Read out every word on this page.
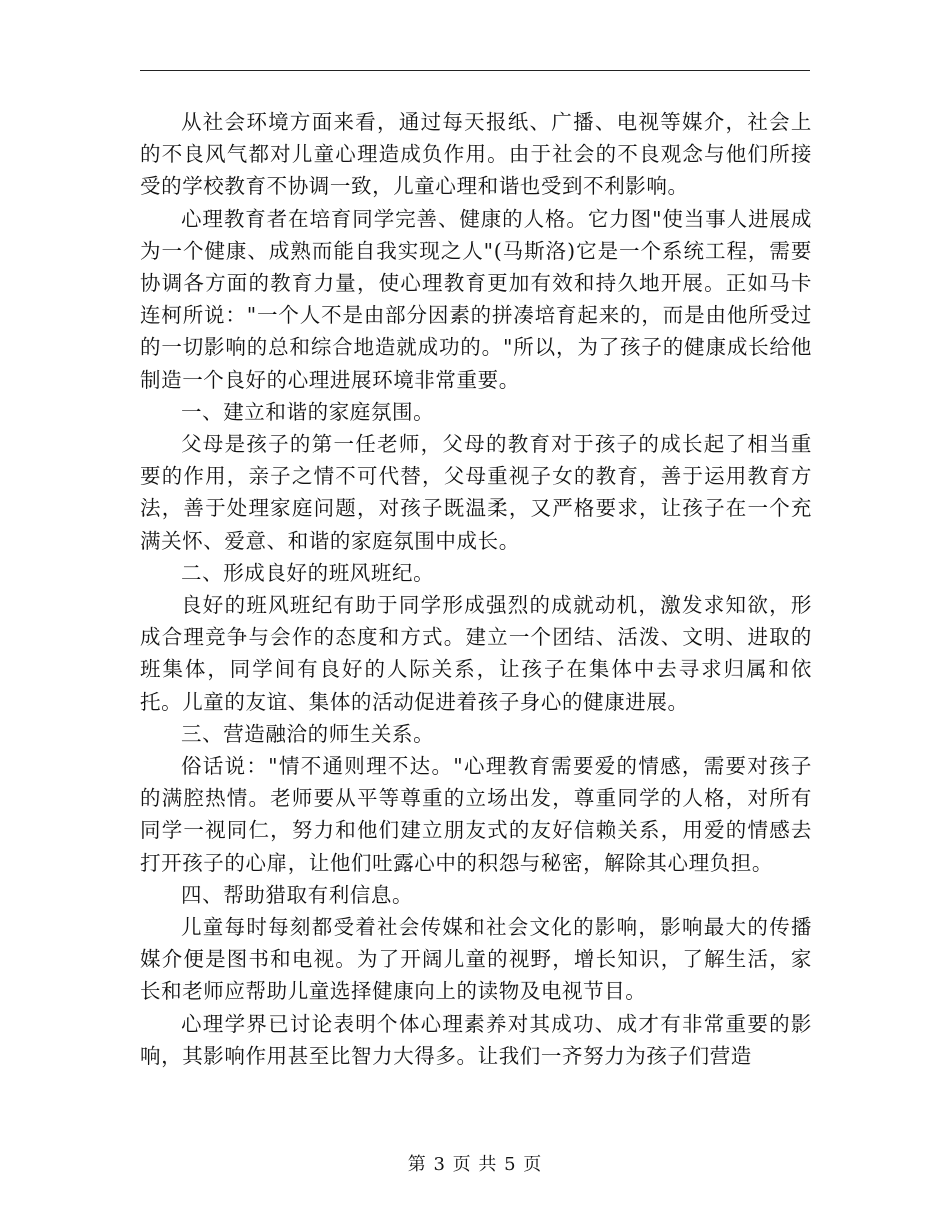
从社会环境方面来看，通过每天报纸、广播、电视等媒介，社会上的不良风气都对儿童心理造成负作用。由于社会的不良观念与他们所接受的学校教育不协调一致，儿童心理和谐也受到不利影响。

心理教育者在培育同学完善、健康的人格。它力图"使当事人进展成为一个健康、成熟而能自我实现之人"(马斯洛)它是一个系统工程，需要协调各方面的教育力量，使心理教育更加有效和持久地开展。正如马卡连柯所说："一个人不是由部分因素的拼凑培育起来的，而是由他所受过的一切影响的总和综合地造就成功的。"所以，为了孩子的健康成长给他制造一个良好的心理进展环境非常重要。

一、建立和谐的家庭氛围。

父母是孩子的第一任老师，父母的教育对于孩子的成长起了相当重要的作用，亲子之情不可代替，父母重视子女的教育，善于运用教育方法，善于处理家庭问题，对孩子既温柔，又严格要求，让孩子在一个充满关怀、爱意、和谐的家庭氛围中成长。

二、形成良好的班风班纪。

良好的班风班纪有助于同学形成强烈的成就动机，激发求知欲，形成合理竞争与会作的态度和方式。建立一个团结、活泼、文明、进取的班集体，同学间有良好的人际关系，让孩子在集体中去寻求归属和依托。儿童的友谊、集体的活动促进着孩子身心的健康进展。

三、营造融洽的师生关系。

俗话说："情不通则理不达。"心理教育需要爱的情感，需要对孩子的满腔热情。老师要从平等尊重的立场出发，尊重同学的人格，对所有同学一视同仁，努力和他们建立朋友式的友好信赖关系，用爱的情感去打开孩子的心扉，让他们吐露心中的积怨与秘密，解除其心理负担。

四、帮助猎取有利信息。

儿童每时每刻都受着社会传媒和社会文化的影响，影响最大的传播媒介便是图书和电视。为了开阔儿童的视野，增长知识，了解生活，家长和老师应帮助儿童选择健康向上的读物及电视节目。

心理学界已讨论表明个体心理素养对其成功、成才有非常重要的影响，其影响作用甚至比智力大得多。让我们一齐努力为孩子们营造

第 3 页 共 5 页
